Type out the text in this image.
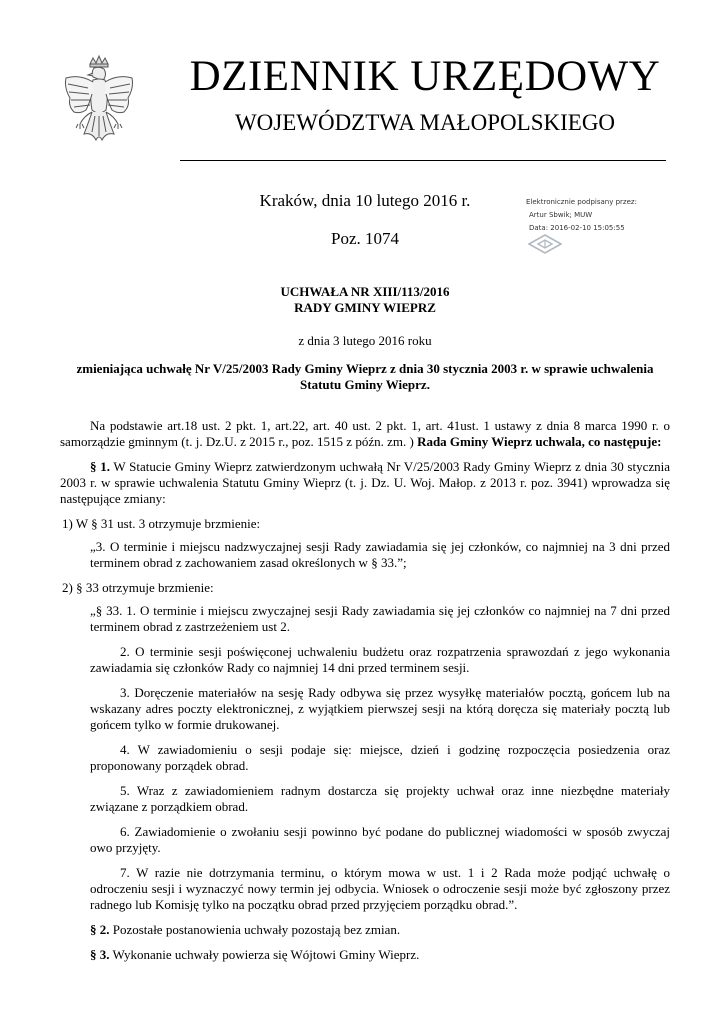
DZIENNIK URZĘDOWY
WOJEWÓDZTWA MAŁOPOLSKIEGO
Kraków, dnia 10 lutego 2016 r.
Poz. 1074
Elektronicznie podpisany przez:
Artur Sbwik; MUW
Data: 2016-02-10 15:05:55
UCHWAŁA NR XIII/113/2016
RADY GMINY WIEPRZ
z dnia 3 lutego 2016 roku
zmieniająca uchwałę Nr V/25/2003 Rady Gminy Wieprz z dnia 30 stycznia 2003 r. w sprawie uchwalenia
Statutu Gminy Wieprz.

Na podstawie art.18 ust. 2 pkt. 1, art.22, art. 40 ust. 2 pkt. 1, art. 41ust. 1 ustawy z dnia 8 marca 1990 r. o samorządzie gminnym (t. j. Dz.U. z 2015 r., poz. 1515 z późn. zm. ) Rada Gminy Wieprz uchwala, co następuje:

§ 1. W Statucie Gminy Wieprz zatwierdzonym uchwałą Nr V/25/2003 Rady Gminy Wieprz z dnia 30 stycznia 2003 r. w sprawie uchwalenia Statutu Gminy Wieprz (t. j. Dz. U. Woj. Małop. z 2013 r. poz. 3941) wprowadza się następujące zmiany:

1) W § 31 ust. 3 otrzymuje brzmienie:

„3. O terminie i miejscu nadzwyczajnej sesji Rady zawiadamia się jej członków, co najmniej na 3 dni przed terminem obrad z zachowaniem zasad określonych w § 33.”;

2) § 33 otrzymuje brzmienie:

„§ 33. 1. O terminie i miejscu zwyczajnej sesji Rady zawiadamia się jej członków co najmniej na 7 dni przed terminem obrad z zastrzeżeniem ust 2.

2. O terminie sesji poświęconej uchwaleniu budżetu oraz rozpatrzenia sprawozdań z jego wykonania zawiadamia się członków Rady co najmniej 14 dni przed terminem sesji.

3. Doręczenie materiałów na sesję Rady odbywa się przez wysyłkę materiałów pocztą, gońcem lub na wskazany adres poczty elektronicznej, z wyjątkiem pierwszej sesji na którą doręcza się materiały pocztą lub gońcem tylko w formie drukowanej.

4. W zawiadomieniu o sesji podaje się: miejsce, dzień i godzinę rozpoczęcia posiedzenia oraz proponowany porządek obrad.

5. Wraz z zawiadomieniem radnym dostarcza się projekty uchwał oraz inne niezbędne materiały związane z porządkiem obrad.

6. Zawiadomienie o zwołaniu sesji powinno być podane do publicznej wiadomości w sposób zwyczaj owo przyjęty.

7. W razie nie dotrzymania terminu, o którym mowa w ust. 1 i 2 Rada może podjąć uchwałę o odroczeniu sesji i wyznaczyć nowy termin jej odbycia. Wniosek o odroczenie sesji może być zgłoszony przez radnego lub Komisję tylko na początku obrad przed przyjęciem porządku obrad.”.

§ 2. Pozostałe postanowienia uchwały pozostają bez zmian.

§ 3. Wykonanie uchwały powierza się Wójtowi Gminy Wieprz.
